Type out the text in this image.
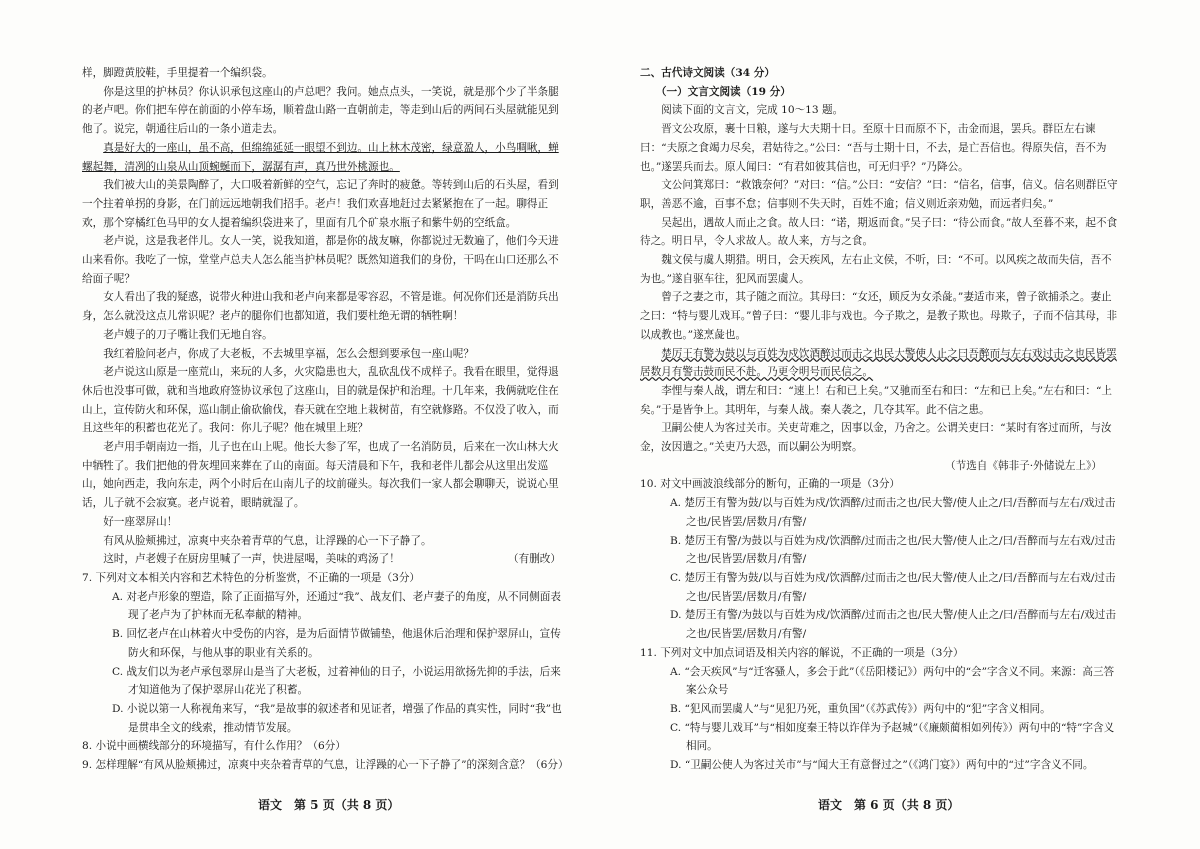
样，脚蹬黄胶鞋，手里提着一个编织袋。

你是这里的护林员？你认识承包这座山的卢总吧？我问。她点点头，一笑说，就是那个少了半条腿的老卢吧。你们把车停在前面的小停车场，顺着盘山路一直朝前走，等走到山后的两间石头屋就能见到他了。说完，朝通往后山的一条小道走去。

真是好大的一座山，虽不高，但绵绵延延一眼望不到边。山上林木茂密，绿意盈人，小鸟啁啾，蝉螺起舞，清冽的山泉从山顶蜿蜒而下，潺潺有声，真乃世外桃源也。

我们被大山的美景陶醉了，大口吸着新鲜的空气，忘记了奔时的疲惫。等转到山后的石头屋，看到一个拄着单拐的身影，在门前远远地朝我们招手。老卢！我们欢喜地赶过去紧紧抱在了一起。聊得正欢，那个穿橘红色马甲的女人提着编织袋进来了，里面有几个矿泉水瓶子和紫牛奶的空纸盒。

老卢说，这是我老伴儿。女人一笑，说我知道，都是你的战友嘛，你都说过无数遍了，他们今天进山来看你。我吃了一惊，堂堂卢总夫人怎么能当护林员呢？既然知道我们的身份，干吗在山口还那么不给面子呢？

女人看出了我的疑惑，说带火种进山我和老卢向来都是零容忍，不管是谁。何况你们还是消防兵出身，怎么就没这点儿常识呢？老卢的腿你们也都知道，我们要杜绝无谓的牺牲啊！

老卢嫂子的刀子嘴让我们无地自容。

我红着脸问老卢，你成了大老板，不去城里享福，怎么会想到要承包一座山呢？

老卢说这山原是一座荒山，来玩的人多，火灾隐患也大，乱砍乱伐不成样子。我看在眼里，觉得退休后也没事可做，就和当地政府签协议承包了这座山，目的就是保护和治理。十几年来，我俩就吃住在山上，宣传防火和环保，巡山制止偷砍偷伐，春天就在空地上栽树苗，有空就修路。不仅没了收入，而且这些年的积蓄也花光了。我问：你儿子呢？他在城里上班？

老卢用手朝南边一指，儿子也在山上呢。他长大参了军，也成了一名消防员，后来在一次山林大火中牺牲了。我们把他的骨灰埋回来葬在了山的南面。每天清晨和下午，我和老伴儿都会从这里出发巡山，她向西走，我向东走，两个小时后在山南儿子的坟前碰头。每次我们一家人都会聊聊天，说说心里话，儿子就不会寂寞。老卢说着，眼睛就湿了。

好一座翠屏山！

有风从脸颊拂过，凉爽中夹杂着青草的气息，让浮躁的心一下子静了。

这时，卢老嫂子在厨房里喊了一声，快进屋喝，美味的鸡汤了！	（有删改）

7. 下列对文本相关内容和艺术特色的分析鉴赏，不正确的一项是（3分）

A. 对老卢形象的塑造，除了正面描写外，还通过“我”、战友们、老卢妻子的角度，从不同侧面表现了老卢为了护林而无私奉献的精神。

B. 回忆老卢在山林着火中受伤的内容，是为后面情节做铺垫，他退休后治理和保护翠屏山，宣传防火和环保，与他从事的职业有关系的。

C. 战友们以为老卢承包翠屏山是当了大老板，过着神仙的日子，小说运用欲扬先抑的手法，后来才知道他为了保护翠屏山花光了积蓄。

D. 小说以第一人称视角来写，“我”是故事的叙述者和见证者，增强了作品的真实性，同时“我”也是贯串全文的线索，推动情节发展。

8. 小说中画横线部分的环境描写，有什么作用？（6分）

9. 怎样理解“有风从脸颊拂过，凉爽中夹杂着青草的气息，让浮躁的心一下子静了”的深刻含意？（6分）

二、古代诗文阅读（34 分）

（一）文言文阅读（19 分）

阅读下面的文言文，完成 10～13 题。

晋文公攻原，裹十日粮，遂与大夫期十日。至原十日而原不下，击金而退，罢兵。群臣左右谏曰：“夫原之食竭力尽矣，君姑待之。”公曰：“吾与士期十日，不去，是亡吾信也。得原失信，吾不为也。”遂罢兵而去。原人闻曰：“有君如彼其信也，可无归乎？”乃降公。

文公问箕郑曰：“救饿奈何？”对曰：“信。”公曰：“安信？”曰：“信名，信事，信义。信名则群臣守职，善恶不逾，百事不怠；信事则不失天时，百姓不逾；信义则近亲劝勉，而远者归矣。”

吴起出，遇故人而止之食。故人曰：“诺，期返而食。”吴子曰：“待公而食。”故人至暮不来，起不食待之。明日早，令人求故人。故人来，方与之食。

魏文侯与虞人期猎。明日，会天疾风，左右止文侯，不听，曰：“不可。以风疾之故而失信，吾不为也。”遂自驱车往，犯风而罢虞人。

曾子之妻之市，其子随之而泣。其母曰：“女还，顾反为女杀彘。”妻适市来，曾子欲捕杀之。妻止之曰：“特与婴儿戏耳。”曾子曰：“婴儿非与戏也。今子欺之，是教子欺也。母欺子，子而不信其母，非以成教也。”遂烹彘也。

楚厉王有警为鼓以与百姓为戍饮酒醉过而击之也民大警使人止之曰吾醉而与左右戏过击之也民皆罢居数月有警击鼓而民不赴。乃更令明号而民信之。

李悝与秦人战，谓左和曰：“速上！右和已上矣。”又驰而至右和曰：“左和已上矣。”左右和曰：“上矣。”于是皆争上。其明年，与秦人战。秦人袭之，几夺其军。此不信之患。

卫嗣公使人为客过关市。关吏苛难之，因事以金，乃舍之。公谓关吏曰：“某时有客过而所，与汝金，汝因遣之。”关吏乃大恐，而以嗣公为明察。

（节选自《韩非子·外储说左上》）

10. 对文中画波浪线部分的断句，正确的一项是（3分）

A. 楚厉王有警为鼓/以与百姓为戍/饮酒醉/过而击之也/民大警/使人止之/曰/吾醉而与左右/戏过击之也/民皆罢/居数月/有警/

B. 楚厉王有警/为鼓以与百姓为戍/饮酒醉/过而击之也/民大警/使人止之/曰/吾醉而与左右戏/过击之也/民皆罢/居数月/有警/

C. 楚厉王有警为鼓/以与百姓为戍/饮酒醉/过而击之也/民大警/使人止之/曰/吾醉而与左右戏/过击之也/民皆罢/居数月/有警/

D. 楚厉王有警/为鼓以与百姓为戍/饮酒醉/过而击之也/民大警/使人止之/曰/吾醉而与左右/戏过击之也/民皆罢/居数月/有警/

11. 下列对文中加点词语及相关内容的解说，不正确的一项是（3分）

A. “会天疾风”与“迁客骚人，多会于此”（《岳阳楼记》）两句中的“会”字含义不同。来源：高三答案公众号

B. “犯风而罢虞人”与“见犯乃死，重负国”（《苏武传》）两句中的“犯”字含义相同。

C. “特与婴儿戏耳”与“相如度秦王特以诈佯为予赵城”（《廉颇蔺相如列传》）两句中的“特”字含义相同。

D. “卫嗣公使人为客过关市”与“闻大王有意督过之”（《鸿门宴》）两句中的“过”字含义不同。

语文　第 5 页（共 8 页）	语文　第 6 页（共 8 页）
